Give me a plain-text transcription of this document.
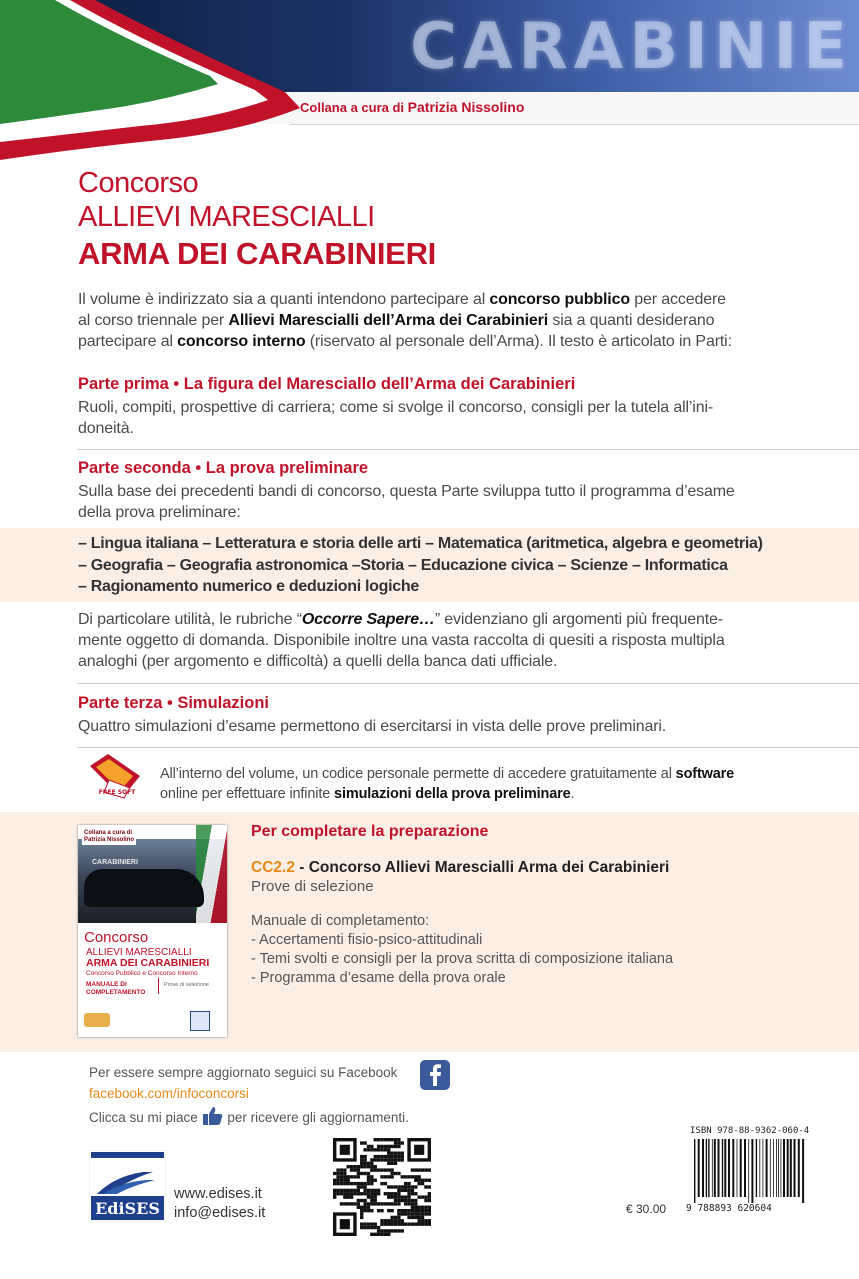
CARABINIE
Collana a cura di Patrizia Nissolino
Concorso
ALLIEVI MARESCIALLI
ARMA DEI CARABINIERI
Il volume è indirizzato sia a quanti intendono partecipare al concorso pubblico per accedere
al corso triennale per Allievi Marescialli dell’Arma dei Carabinieri sia a quanti desiderano
partecipare al concorso interno (riservato al personale dell’Arma). Il testo è articolato in Parti:
Parte prima • La figura del Maresciallo dell’Arma dei Carabinieri
Ruoli, compiti, prospettive di carriera; come si svolge il concorso, consigli per la tutela all’ini-
doneità.
Parte seconda • La prova preliminare
Sulla base dei precedenti bandi di concorso, questa Parte sviluppa tutto il programma d’esame
della prova preliminare:
– Lingua italiana – Letteratura e storia delle arti – Matematica (aritmetica, algebra e geometria)
– Geografia – Geografia astronomica –Storia – Educazione civica – Scienze – Informatica
– Ragionamento numerico e deduzioni logiche
Di particolare utilità, le rubriche “Occorre Sapere…” evidenziano gli argomenti più frequente-
mente oggetto di domanda. Disponibile inoltre una vasta raccolta di quesiti a risposta multipla
analoghi (per argomento e difficoltà) a quelli della banca dati ufficiale.
Parte terza • Simulazioni
Quattro simulazioni d’esame permettono di esercitarsi in vista delle prove preliminari.
FREE SOFT
All’interno del volume, un codice personale permette di accedere gratuitamente al software
online per effettuare infinite simulazioni della prova preliminare.
CARABINIERI
Collana a cura di
Patrizia Nissolino
Concorso
ALLIEVI MARESCIALLI
ARMA DEI CARABINIERI
Concorso Pubblico e Concorso Interno
MANUALE DI COMPLETAMENTO
Prove di selezione
Per completare la preparazione
CC2.2 - Concorso Allievi Marescialli Arma dei Carabinieri
Prove di selezione
Manuale di completamento:
- Accertamenti fisio-psico-attitudinali
- Temi svolti e consigli per la prova scritta di composizione italiana
- Programma d’esame della prova orale
Per essere sempre aggiornato seguici su Facebook
facebook.com/infoconcorsi
Clicca su mi piace per ricevere gli aggiornamenti.
EdiSES
www.edises.it
info@edises.it
ISBN 978-88-9362-060-4
9 788893 620604
€ 30.00
